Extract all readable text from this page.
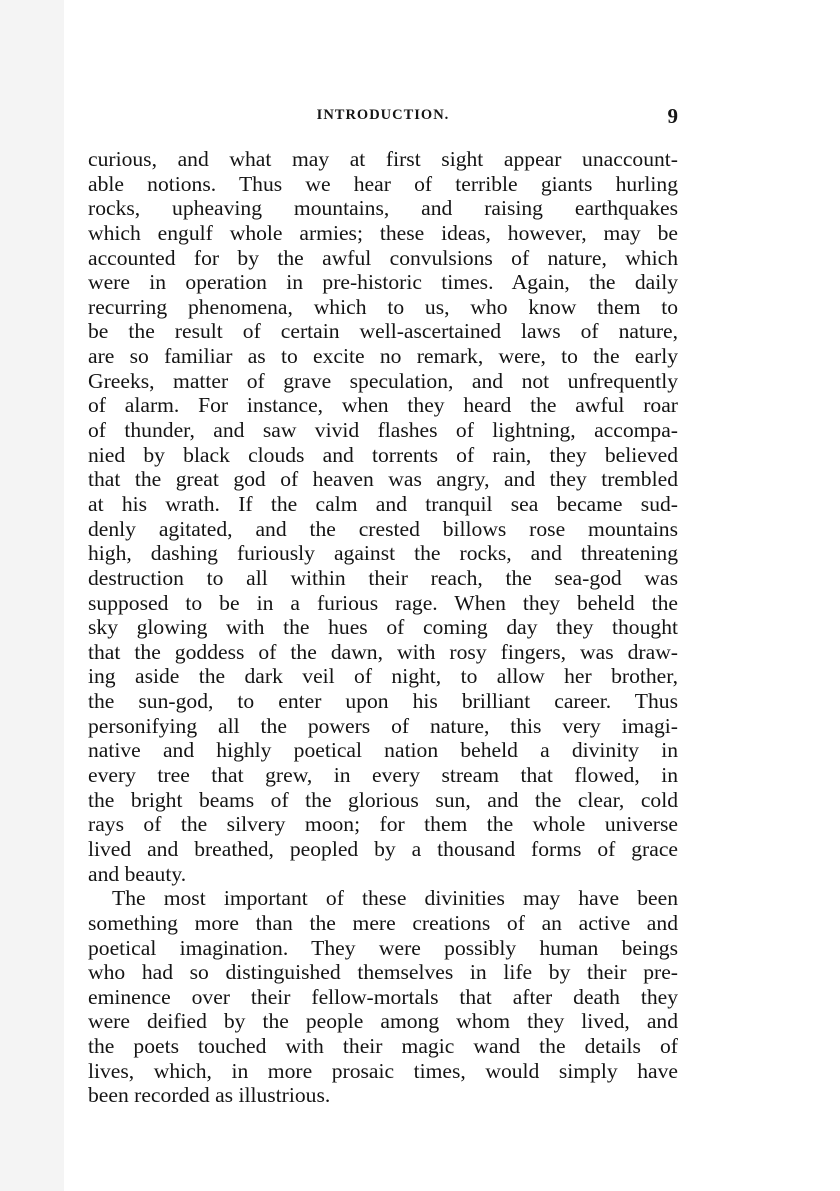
INTRODUCTION.	9
curious, and what may at first sight appear unaccount-
able notions. Thus we hear of terrible giants hurling
rocks, upheaving mountains, and raising earthquakes
which engulf whole armies; these ideas, however, may be
accounted for by the awful convulsions of nature, which
were in operation in pre-historic times. Again, the daily
recurring phenomena, which to us, who know them to
be the result of certain well-ascertained laws of nature,
are so familiar as to excite no remark, were, to the early
Greeks, matter of grave speculation, and not unfrequently
of alarm. For instance, when they heard the awful roar
of thunder, and saw vivid flashes of lightning, accompa-
nied by black clouds and torrents of rain, they believed
that the great god of heaven was angry, and they trembled
at his wrath. If the calm and tranquil sea became sud-
denly agitated, and the crested billows rose mountains
high, dashing furiously against the rocks, and threatening
destruction to all within their reach, the sea-god was
supposed to be in a furious rage. When they beheld the
sky glowing with the hues of coming day they thought
that the goddess of the dawn, with rosy fingers, was draw-
ing aside the dark veil of night, to allow her brother,
the sun-god, to enter upon his brilliant career. Thus
personifying all the powers of nature, this very imagi-
native and highly poetical nation beheld a divinity in
every tree that grew, in every stream that flowed, in
the bright beams of the glorious sun, and the clear, cold
rays of the silvery moon; for them the whole universe
lived and breathed, peopled by a thousand forms of grace
and beauty.
The most important of these divinities may have been
something more than the mere creations of an active and
poetical imagination. They were possibly human beings
who had so distinguished themselves in life by their pre-
eminence over their fellow-mortals that after death they
were deified by the people among whom they lived, and
the poets touched with their magic wand the details of
lives, which, in more prosaic times, would simply have
been recorded as illustrious.
